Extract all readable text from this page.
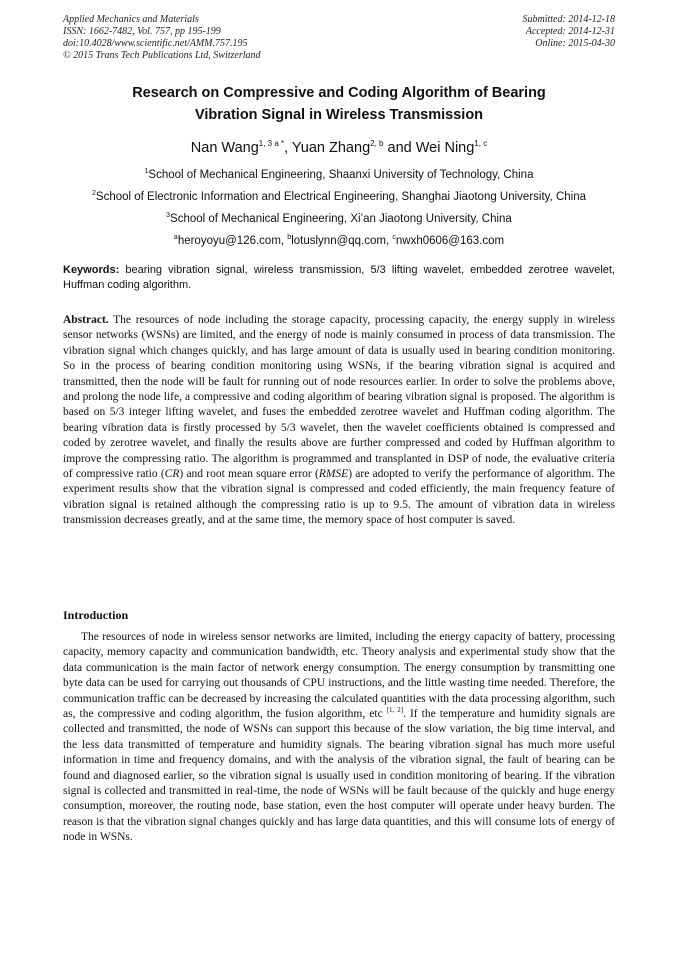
Applied Mechanics and Materials
ISSN: 1662-7482, Vol. 757, pp 195-199
doi:10.4028/www.scientific.net/AMM.757.195
© 2015 Trans Tech Publications Ltd, Switzerland
Submitted: 2014-12-18
Accepted: 2014-12-31
Online: 2015-04-30
Research on Compressive and Coding Algorithm of Bearing
Vibration Signal in Wireless Transmission
Nan Wang$^{1, 3 a *}$, Yuan Zhang$^{2, b}$ and Wei Ning$^{1, c}$
$^1$School of Mechanical Engineering, Shaanxi University of Technology, China
$^2$School of Electronic Information and Electrical Engineering, Shanghai Jiaotong University, China
$^3$School of Mechanical Engineering, Xi’an Jiaotong University, China
$^a$heroyoyu@126.com, $^b$lotuslynn@qq.com, $^c$nwxh0606@163.com
Keywords: bearing vibration signal, wireless transmission, 5/3 lifting wavelet, embedded zerotree wavelet, Huffman coding algorithm.
Abstract. The resources of node including the storage capacity, processing capacity, the energy supply in wireless sensor networks (WSNs) are limited, and the energy of node is mainly consumed in process of data transmission. The vibration signal which changes quickly, and has large amount of data is usually used in bearing condition monitoring. So in the process of bearing condition monitoring using WSNs, if the bearing vibration signal is acquired and transmitted, then the node will be fault for running out of node resources earlier. In order to solve the problems above, and prolong the node life, a compressive and coding algorithm of bearing vibration signal is proposed. The algorithm is based on 5/3 integer lifting wavelet, and fuses the embedded zerotree wavelet and Huffman coding algorithm. The bearing vibration data is firstly processed by 5/3 wavelet, then the wavelet coefficients obtained is compressed and coded by zerotree wavelet, and finally the results above are further compressed and coded by Huffman algorithm to improve the compressing ratio. The algorithm is programmed and transplanted in DSP of node, the evaluative criteria of compressive ratio (CR) and root mean square error (RMSE) are adopted to verify the performance of algorithm. The experiment results show that the vibration signal is compressed and coded efficiently, the main frequency feature of vibration signal is retained although the compressing ratio is up to 9.5. The amount of vibration data in wireless transmission decreases greatly, and at the same time, the memory space of host computer is saved.
Introduction
The resources of node in wireless sensor networks are limited, including the energy capacity of battery, processing capacity, memory capacity and communication bandwidth, etc. Theory analysis and experimental study show that the data communication is the main factor of network energy consumption. The energy consumption by transmitting one byte data can be used for carrying out thousands of CPU instructions, and the little wasting time needed. Therefore, the communication traffic can be decreased by increasing the calculated quantities with the data processing algorithm, such as, the compressive and coding algorithm, the fusion algorithm, etc [1, 2]. If the temperature and humidity signals are collected and transmitted, the node of WSNs can support this because of the slow variation, the big time interval, and the less data transmitted of temperature and humidity signals. The bearing vibration signal has much more useful information in time and frequency domains, and with the analysis of the vibration signal, the fault of bearing can be found and diagnosed earlier, so the vibration signal is usually used in condition monitoring of bearing. If the vibration signal is collected and transmitted in real-time, the node of WSNs will be fault because of the quickly and huge energy consumption, moreover, the routing node, base station, even the host computer will operate under heavy burden. The reason is that the vibration signal changes quickly and has large data quantities, and this will consume lots of energy of node in WSNs.
